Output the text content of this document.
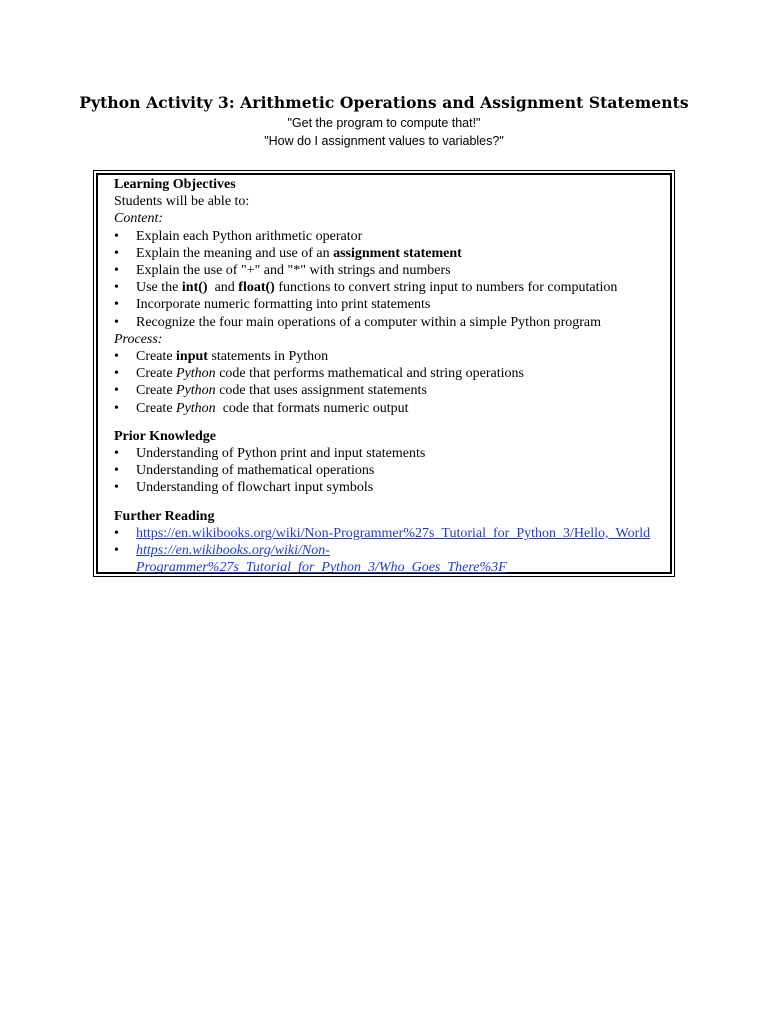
Python Activity 3: Arithmetic Operations and Assignment Statements
"Get the program to compute that!"
"How do I assignment values to variables?"
Learning Objectives
Students will be able to:
Content:
• Explain each Python arithmetic operator
• Explain the meaning and use of an assignment statement
• Explain the use of "+" and "*" with strings and numbers
• Use the int()  and float() functions to convert string input to numbers for computation
• Incorporate numeric formatting into print statements
• Recognize the four main operations of a computer within a simple Python program
Process:
• Create input statements in Python
• Create Python code that performs mathematical and string operations
• Create Python code that uses assignment statements
• Create Python  code that formats numeric output
Prior Knowledge
• Understanding of Python print and input statements
• Understanding of mathematical operations
• Understanding of flowchart input symbols
Further Reading
• https://en.wikibooks.org/wiki/Non-Programmer%27s_Tutorial_for_Python_3/Hello,_World
• https://en.wikibooks.org/wiki/Non-
Programmer%27s_Tutorial_for_Python_3/Who_Goes_There%3F
